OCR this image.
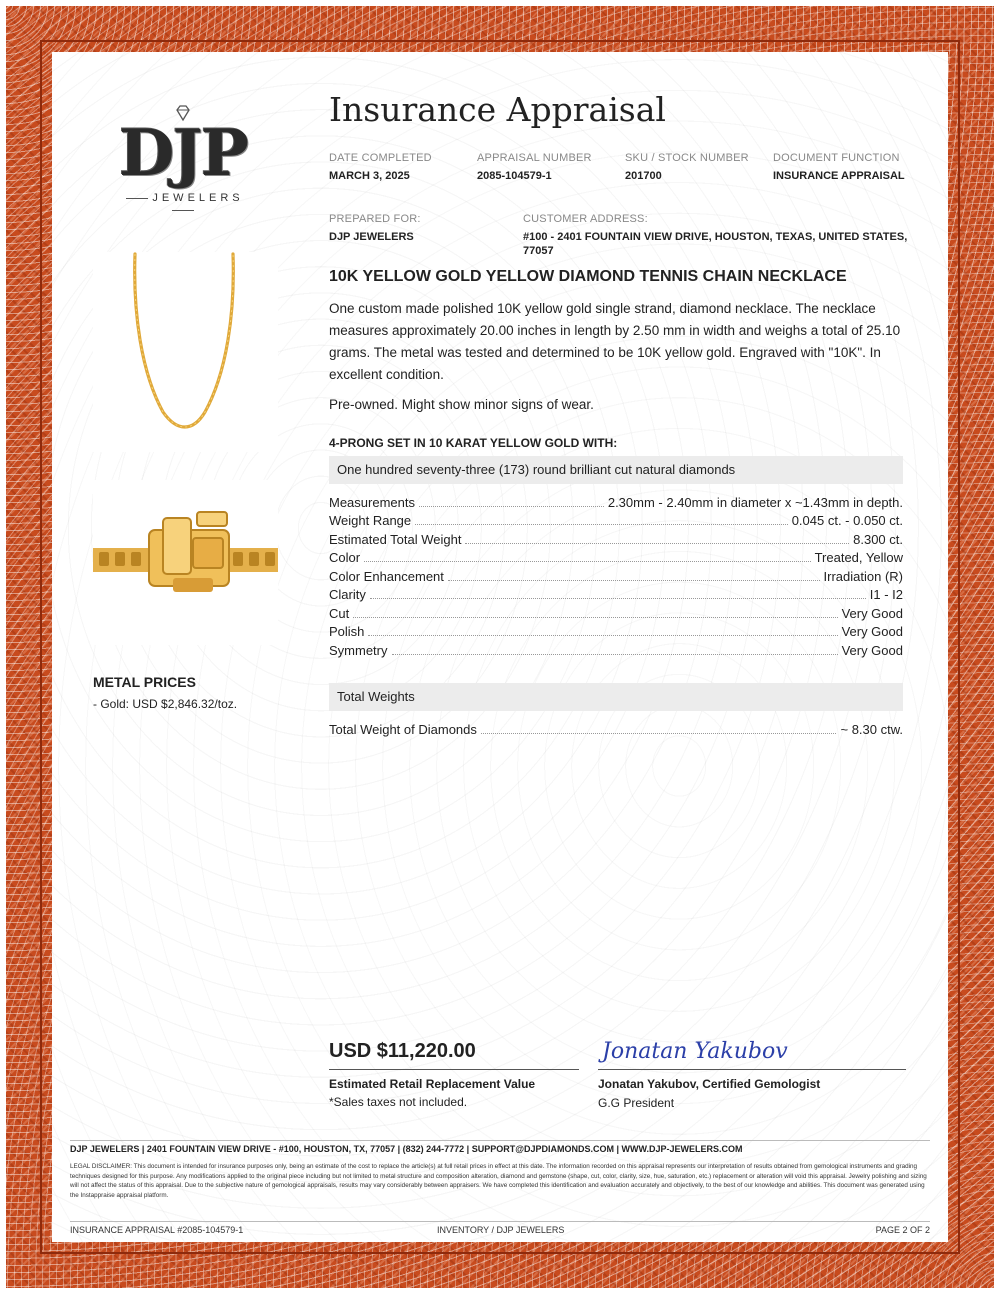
DJP
JEWELERS
Insurance Appraisal
DATE COMPLETED
MARCH 3, 2025
APPRAISAL NUMBER
2085-104579-1
SKU / STOCK NUMBER
201700
DOCUMENT FUNCTION
INSURANCE APPRAISAL
PREPARED FOR:
DJP JEWELERS
CUSTOMER ADDRESS:
#100 - 2401 FOUNTAIN VIEW DRIVE, HOUSTON, TEXAS, UNITED STATES,
77057
METAL PRICES
- Gold: USD $2,846.32/toz.
10K YELLOW GOLD YELLOW DIAMOND TENNIS CHAIN NECKLACE
One custom made polished 10K yellow gold single strand, diamond necklace. The necklace measures approximately 20.00 inches in length by 2.50 mm in width and weighs a total of 25.10 grams. The metal was tested and determined to be 10K yellow gold. Engraved with "10K". In excellent condition.
Pre-owned. Might show minor signs of wear.
4-PRONG SET IN 10 KARAT YELLOW GOLD WITH:
One hundred seventy-three (173) round brilliant cut natural diamonds
Measurements	2.30mm - 2.40mm in diameter x ~1.43mm in depth.
Weight Range	0.045 ct. - 0.050 ct.
Estimated Total Weight	8.300 ct.
Color	Treated, Yellow
Color Enhancement	Irradiation (R)
Clarity	I1 - I2
Cut	Very Good
Polish	Very Good
Symmetry	Very Good
Total Weights
Total Weight of Diamonds	~ 8.30 ctw.
USD $11,220.00
Estimated Retail Replacement Value
*Sales taxes not included.
Jonatan Yakubov
Jonatan Yakubov, Certified Gemologist
G.G President
DJP JEWELERS | 2401 FOUNTAIN VIEW DRIVE - #100, HOUSTON, TX, 77057 | (832) 244-7772 | SUPPORT@DJPDIAMONDS.COM | WWW.DJP-JEWELERS.COM
LEGAL DISCLAIMER: This document is intended for insurance purposes only, being an estimate of the cost to replace the article(s) at full retail prices in effect at this date. The information recorded on this appraisal represents our interpretation of results obtained from gemological instruments and grading techniques designed for this purpose. Any modifications applied to the original piece including but not limited to metal structure and composition alteration, diamond and gemstone (shape, cut, color, clarity, size, hue, saturation, etc.) replacement or alteration will void this appraisal. Jewelry polishing and sizing will not affect the status of this appraisal. Due to the subjective nature of gemological appraisals, results may vary considerably between appraisers. We have completed this identification and evaluation accurately and objectively, to the best of our knowledge and abilities. This document was generated using the Instappraise appraisal platform.
INSURANCE APPRAISAL #2085-104579-1	INVENTORY / DJP JEWELERS	PAGE 2 OF 2
